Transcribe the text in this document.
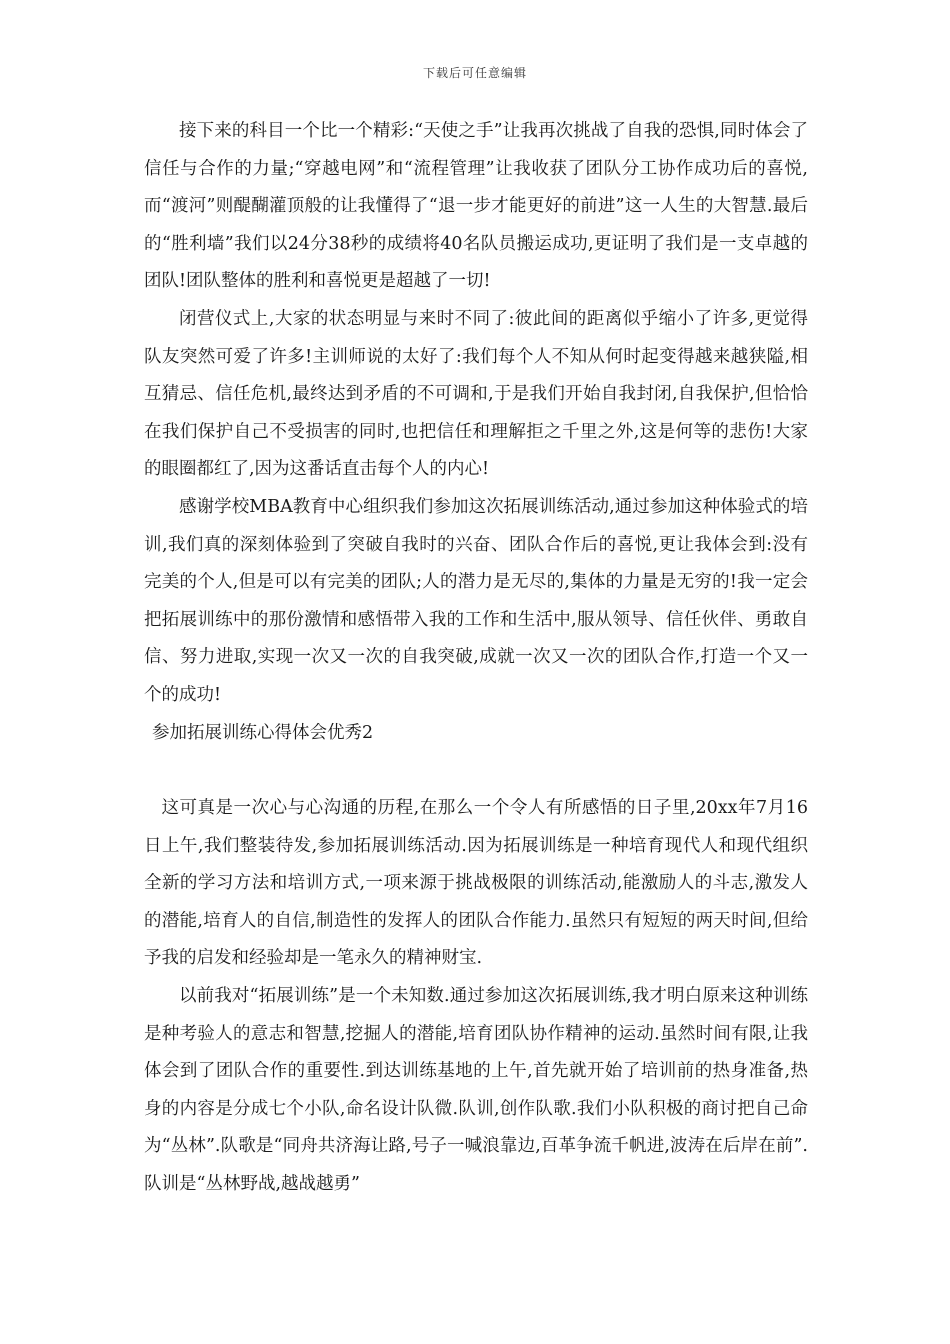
下载后可任意编辑

接下来的科目一个比一个精彩:“天使之手”让我再次挑战了自我的恐惧,同时体会了信任与合作的力量;“穿越电网”和“流程管理”让我收获了团队分工协作成功后的喜悦,而“渡河”则醍醐灌顶般的让我懂得了“退一步才能更好的前进”这一人生的大智慧.最后的“胜利墙”我们以24分38秒的成绩将40名队员搬运成功,更证明了我们是一支卓越的团队!团队整体的胜利和喜悦更是超越了一切!

闭营仪式上,大家的状态明显与来时不同了:彼此间的距离似乎缩小了许多,更觉得队友突然可爱了许多!主训师说的太好了:我们每个人不知从何时起变得越来越狭隘,相互猜忌、信任危机,最终达到矛盾的不可调和,于是我们开始自我封闭,自我保护,但恰恰在我们保护自己不受损害的同时,也把信任和理解拒之千里之外,这是何等的悲伤!大家的眼圈都红了,因为这番话直击每个人的内心!

感谢学校MBA教育中心组织我们参加这次拓展训练活动,通过参加这种体验式的培训,我们真的深刻体验到了突破自我时的兴奋、团队合作后的喜悦,更让我体会到:没有完美的个人,但是可以有完美的团队;人的潜力是无尽的,集体的力量是无穷的!我一定会把拓展训练中的那份激情和感悟带入我的工作和生活中,服从领导、信任伙伴、勇敢自信、努力进取,实现一次又一次的自我突破,成就一次又一次的团队合作,打造一个又一个的成功!

参加拓展训练心得体会优秀2

这可真是一次心与心沟通的历程,在那么一个令人有所感悟的日子里,20xx年7月16日上午,我们整装待发,参加拓展训练活动.因为拓展训练是一种培育现代人和现代组织全新的学习方法和培训方式,一项来源于挑战极限的训练活动,能激励人的斗志,激发人的潜能,培育人的自信,制造性的发挥人的团队合作能力.虽然只有短短的两天时间,但给予我的启发和经验却是一笔永久的精神财宝.

以前我对“拓展训练”是一个未知数.通过参加这次拓展训练,我才明白原来这种训练是种考验人的意志和智慧,挖掘人的潜能,培育团队协作精神的运动.虽然时间有限,让我体会到了团队合作的重要性.到达训练基地的上午,首先就开始了培训前的热身准备,热身的内容是分成七个小队,命名设计队微.队训,创作队歌.我们小队积极的商讨把自己命为“丛林”.队歌是“同舟共济海让路,号子一喊浪靠边,百革争流千帆进,波涛在后岸在前”.队训是“丛林野战,越战越勇”
